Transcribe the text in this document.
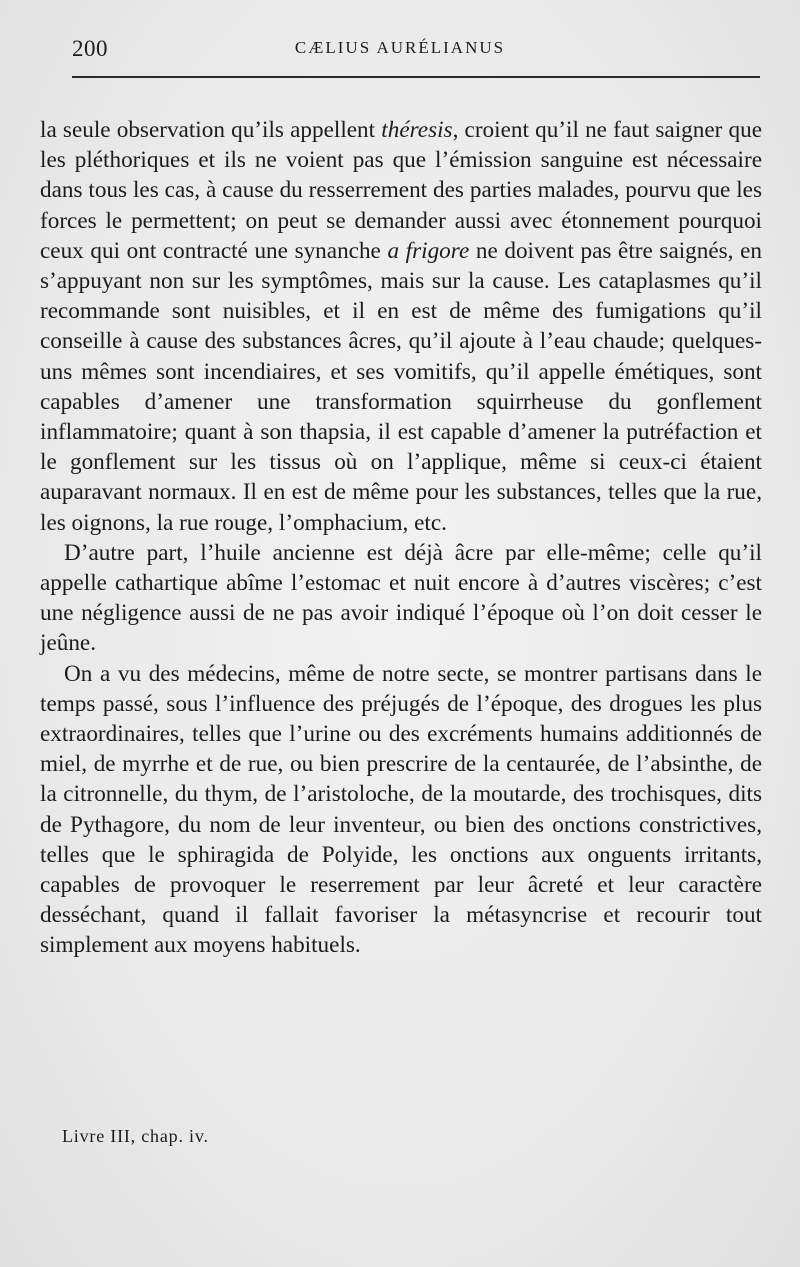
200	CÆLIUS AURÉLIANUS

la seule observation qu’ils appellent théresis, croient qu’il ne faut saigner que les pléthoriques et ils ne voient pas que l’émission sanguine est nécessaire dans tous les cas, à cause du resserrement des parties malades, pourvu que les forces le permettent; on peut se demander aussi avec étonnement pourquoi ceux qui ont contracté une synanche a frigore ne doivent pas être saignés, en s’appuyant non sur les symptômes, mais sur la cause. Les cataplasmes qu’il recommande sont nuisibles, et il en est de même des fumigations qu’il conseille à cause des substances âcres, qu’il ajoute à l’eau chaude; quelques-uns mêmes sont incendiaires, et ses vomitifs, qu’il appelle émétiques, sont capables d’amener une transformation squirrheuse du gonflement inflammatoire; quant à son thapsia, il est capable d’amener la putréfaction et le gonflement sur les tissus où on l’applique, même si ceux-ci étaient auparavant normaux. Il en est de même pour les substances, telles que la rue, les oignons, la rue rouge, l’omphacium, etc.

D’autre part, l’huile ancienne est déjà âcre par elle-même; celle qu’il appelle cathartique abîme l’estomac et nuit encore à d’autres viscères; c’est une négligence aussi de ne pas avoir indiqué l’époque où l’on doit cesser le jeûne.

On a vu des médecins, même de notre secte, se montrer partisans dans le temps passé, sous l’influence des préjugés de l’époque, des drogues les plus extraordinaires, telles que l’urine ou des excréments humains additionnés de miel, de myrrhe et de rue, ou bien prescrire de la centaurée, de l’absinthe, de la citronnelle, du thym, de l’aristoloche, de la moutarde, des trochisques, dits de Pythagore, du nom de leur inventeur, ou bien des onctions constrictives, telles que le sphiragida de Polyide, les onctions aux onguents irritants, capables de provoquer le reserrement par leur âcreté et leur caractère desséchant, quand il fallait favoriser la métasyncrise et recourir tout simplement aux moyens habituels.

Livre III, chap. iv.
